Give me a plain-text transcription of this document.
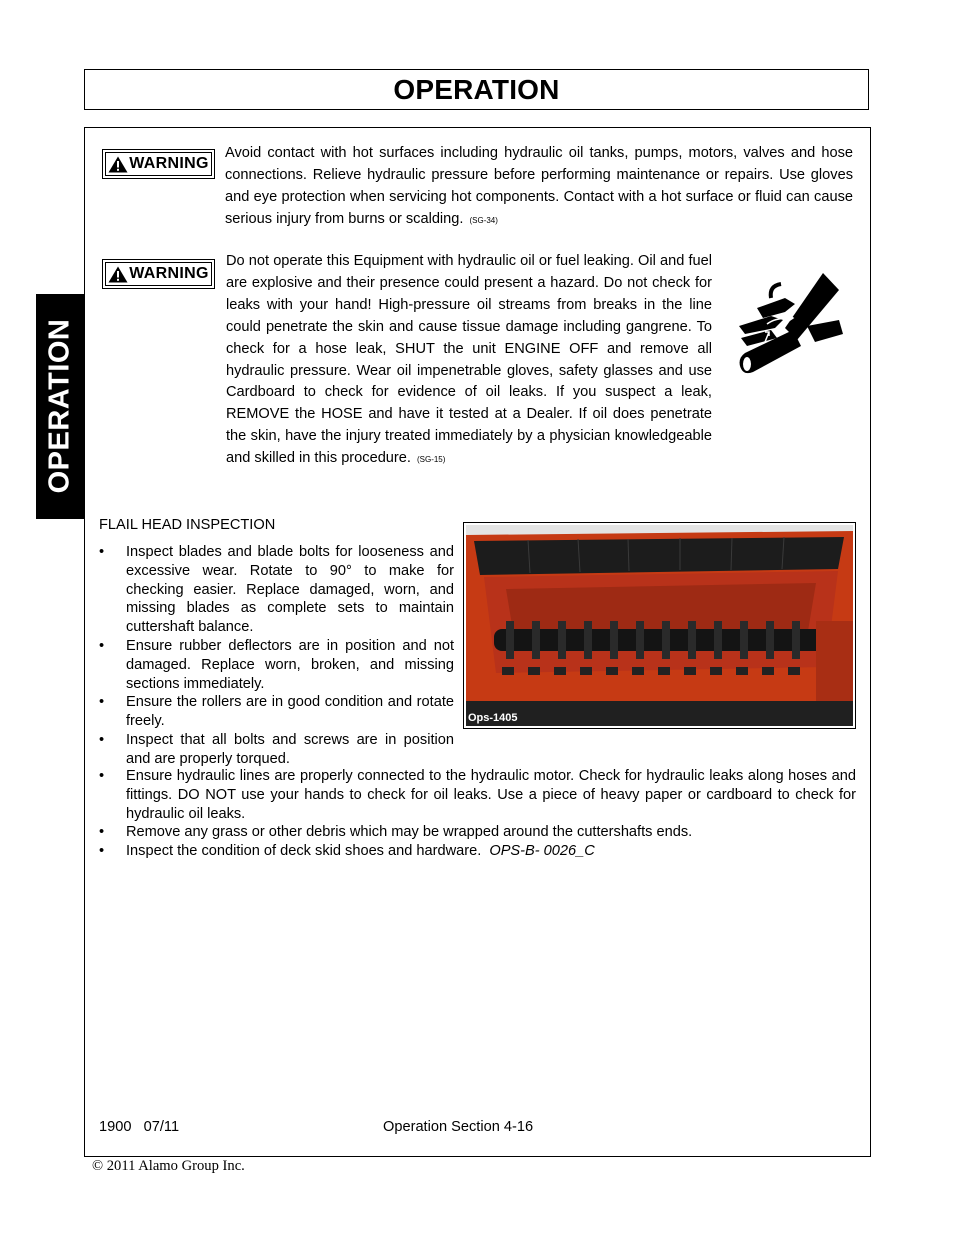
OPERATION
OPERATION
WARNING
Avoid contact with hot surfaces including hydraulic oil tanks, pumps, motors, valves and hose connections. Relieve hydraulic pressure before performing maintenance or repairs. Use gloves and eye protection when servicing hot components. Contact with a hot surface or fluid can cause serious injury from burns or scalding. (SG-34)
WARNING
Do not operate this Equipment with hydraulic oil or fuel leaking. Oil and fuel are explosive and their presence could present a hazard. Do not check for leaks with your hand! High-pressure oil streams from breaks in the line could penetrate the skin and cause tissue damage including gangrene. To check for a hose leak, SHUT the unit ENGINE OFF and remove all hydraulic pressure. Wear oil impenetrable gloves, safety glasses and use Cardboard to check for evidence of oil leaks. If you suspect a leak, REMOVE the HOSE and have it tested at a Dealer. If oil does penetrate the skin, have the injury treated immediately by a physician knowledgeable and skilled in this procedure. (SG-15)
FLAIL HEAD INSPECTION
• Inspect blades and blade bolts for looseness and excessive wear. Rotate to 90° to make for checking easier. Replace damaged, worn, and missing blades as complete sets to maintain cuttershaft balance.
• Ensure rubber deflectors are in position and not damaged. Replace worn, broken, and missing sections immediately.
• Ensure the rollers are in good condition and rotate freely.
• Inspect that all bolts and screws are in position and are properly torqued.
• Ensure hydraulic lines are properly connected to the hydraulic motor. Check for hydraulic leaks along hoses and fittings. DO NOT use your hands to check for oil leaks. Use a piece of heavy paper or cardboard to check for hydraulic oil leaks.
• Remove any grass or other debris which may be wrapped around the cuttershafts ends.
• Inspect the condition of deck skid shoes and hardware. OPS-B- 0026_C
Ops-1405
1900   07/11	Operation Section 4-16
© 2011 Alamo Group Inc.
